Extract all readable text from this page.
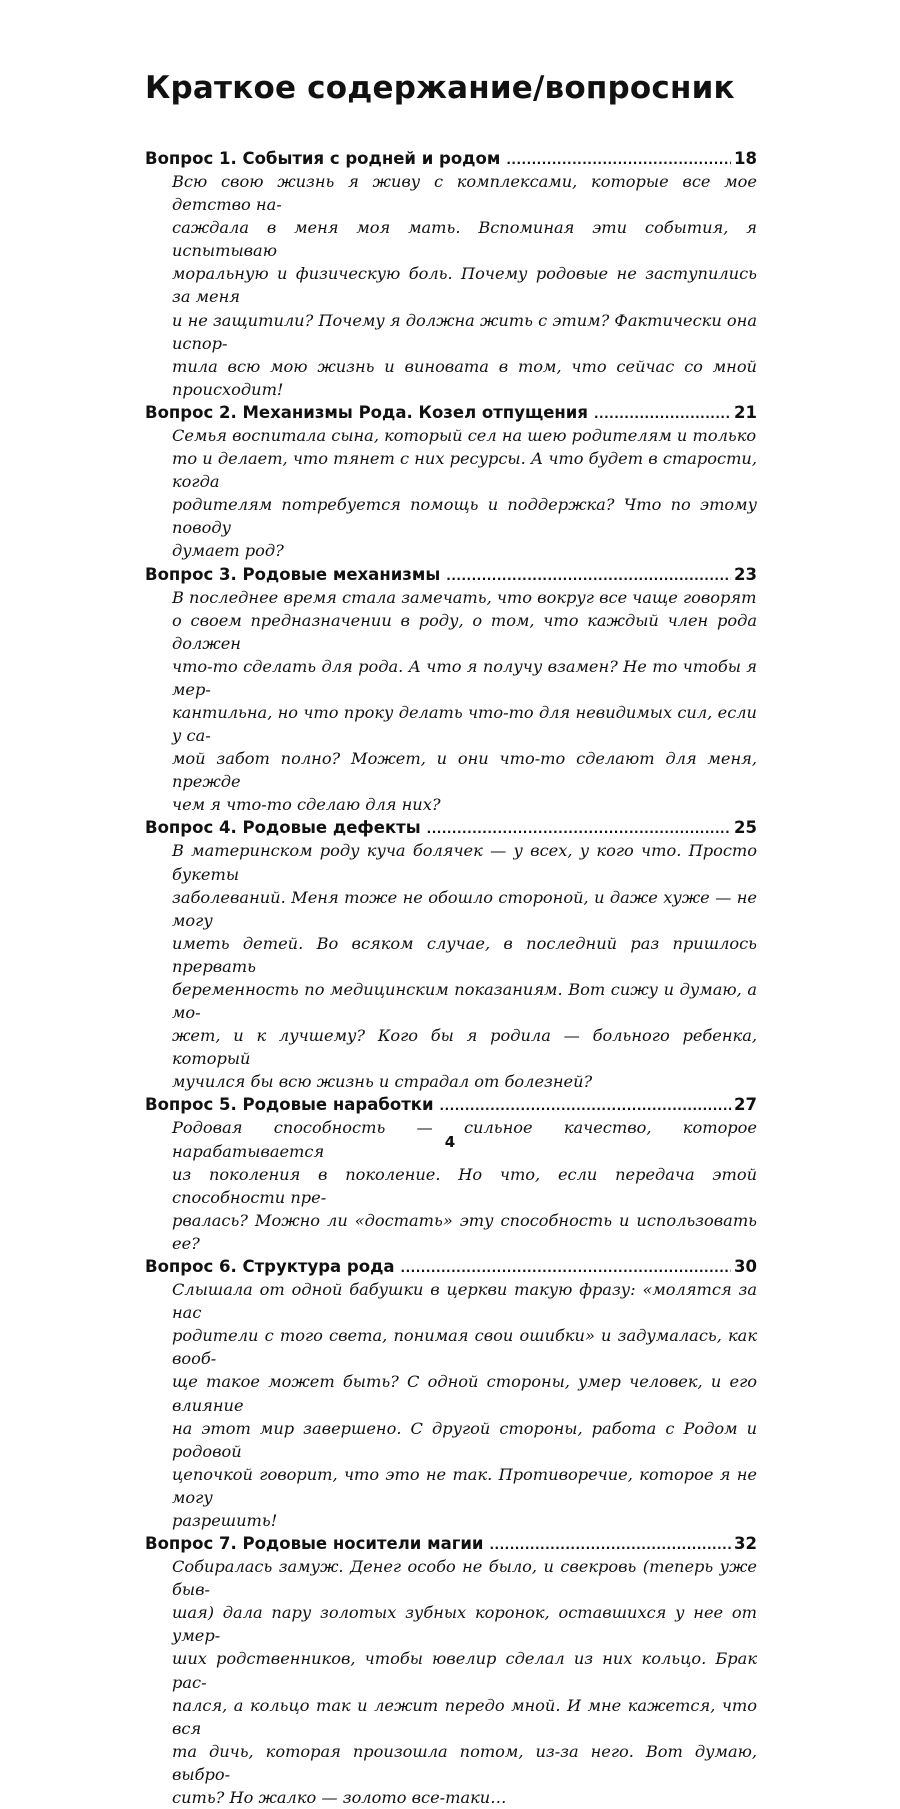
Краткое содержание/вопросник
Вопрос 1. События с родней и родом .....	18

Всю свою жизнь я живу с комплексами, которые все мое детство на-
саждала в меня моя мать. Вспоминая эти события, я испытываю
моральную и физическую боль. Почему родовые не заступились за меня
и не защитили? Почему я должна жить с этим? Фактически она испор-
тила всю мою жизнь и виновата в том, что сейчас со мной происходит!

Вопрос 2. Механизмы Рода. Козел отпущения .....	21

Семья воспитала сына, который сел на шею родителям и только
то и делает, что тянет с них ресурсы. А что будет в старости, когда
родителям потребуется помощь и поддержка? Что по этому поводу
думает род?

Вопрос 3. Родовые механизмы .....	23

В последнее время стала замечать, что вокруг все чаще говорят
о своем предназначении в роду, о том, что каждый член рода должен
что-то сделать для рода. А что я получу взамен? Не то чтобы я мер-
кантильна, но что проку делать что-то для невидимых сил, если у са-
мой забот полно? Может, и они что-то сделают для меня, прежде
чем я что-то сделаю для них?

Вопрос 4. Родовые дефекты .....	25

В материнском роду куча болячек — у всех, у кого что. Просто букеты
заболеваний. Меня тоже не обошло стороной, и даже хуже — не могу
иметь детей. Во всяком случае, в последний раз пришлось прервать
беременность по медицинским показаниям. Вот сижу и думаю, а мо-
жет, и к лучшему? Кого бы я родила — больного ребенка, который
мучился бы всю жизнь и страдал от болезней?

Вопрос 5. Родовые наработки .....	27

Родовая способность — сильное качество, которое нарабатывается
из поколения в поколение. Но что, если передача этой способности пре-
рвалась? Можно ли «достать» эту способность и использовать ее?

Вопрос 6. Структура рода .....	30

Слышала от одной бабушки в церкви такую фразу: «молятся за нас
родители с того света, понимая свои ошибки» и задумалась, как вооб-
ще такое может быть? С одной стороны, умер человек, и его влияние
на этот мир завершено. С другой стороны, работа с Родом и родовой
цепочкой говорит, что это не так. Противоречие, которое я не могу
разрешить!

Вопрос 7. Родовые носители магии .....	32

Собиралась замуж. Денег особо не было, и свекровь (теперь уже быв-
шая) дала пару золотых зубных коронок, оставшихся у нее от умер-
ших родственников, чтобы ювелир сделал из них кольцо. Брак рас-
пался, а кольцо так и лежит передо мной. И мне кажется, что вся
та дичь, которая произошла потом, из-за него. Вот думаю, выбро-
сить? Но жалко — золото все-таки…

4
